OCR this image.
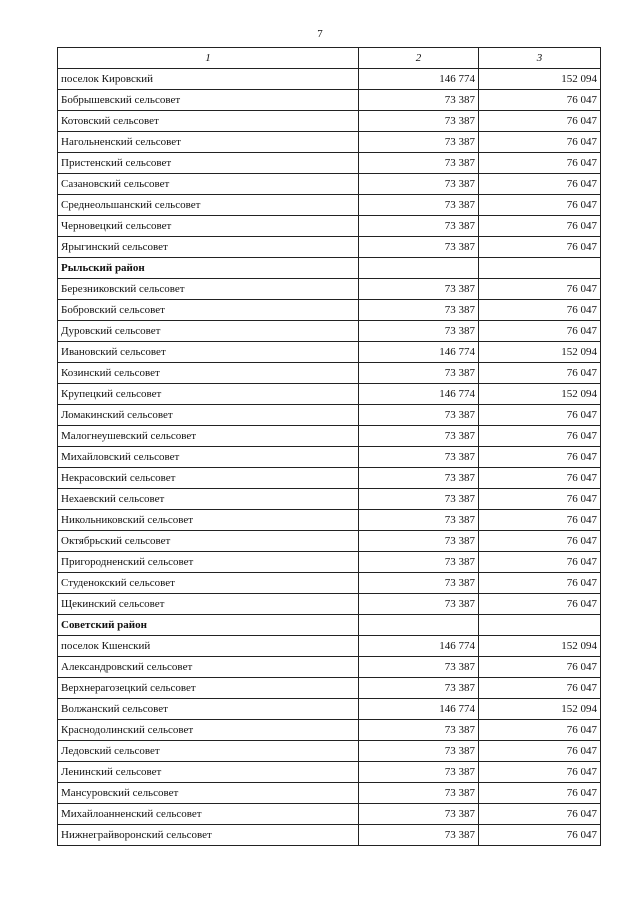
7
1	2	3
поселок Кировский	146 774	152 094
Бобрышевский сельсовет	73 387	76 047
Котовский сельсовет	73 387	76 047
Нагольненский сельсовет	73 387	76 047
Пристенский сельсовет	73 387	76 047
Сазановский сельсовет	73 387	76 047
Среднеольшанский сельсовет	73 387	76 047
Черновецкий сельсовет	73 387	76 047
Ярыгинский сельсовет	73 387	76 047
Рыльский район		
Березниковский сельсовет	73 387	76 047
Бобровский сельсовет	73 387	76 047
Дуровский сельсовет	73 387	76 047
Ивановский сельсовет	146 774	152 094
Козинский сельсовет	73 387	76 047
Крупецкий сельсовет	146 774	152 094
Ломакинский сельсовет	73 387	76 047
Малогнеушевский сельсовет	73 387	76 047
Михайловский сельсовет	73 387	76 047
Некрасовский сельсовет	73 387	76 047
Нехаевский сельсовет	73 387	76 047
Никольниковский сельсовет	73 387	76 047
Октябрьский сельсовет	73 387	76 047
Пригородненский сельсовет	73 387	76 047
Студенокский сельсовет	73 387	76 047
Щекинский сельсовет	73 387	76 047
Советский район		
поселок Кшенский	146 774	152 094
Александровский сельсовет	73 387	76 047
Верхнерагозецкий сельсовет	73 387	76 047
Волжанский сельсовет	146 774	152 094
Краснодолинский сельсовет	73 387	76 047
Ледовский сельсовет	73 387	76 047
Ленинский сельсовет	73 387	76 047
Мансуровский сельсовет	73 387	76 047
Михайлоанненский сельсовет	73 387	76 047
Нижнеграйворонский сельсовет	73 387	76 047
